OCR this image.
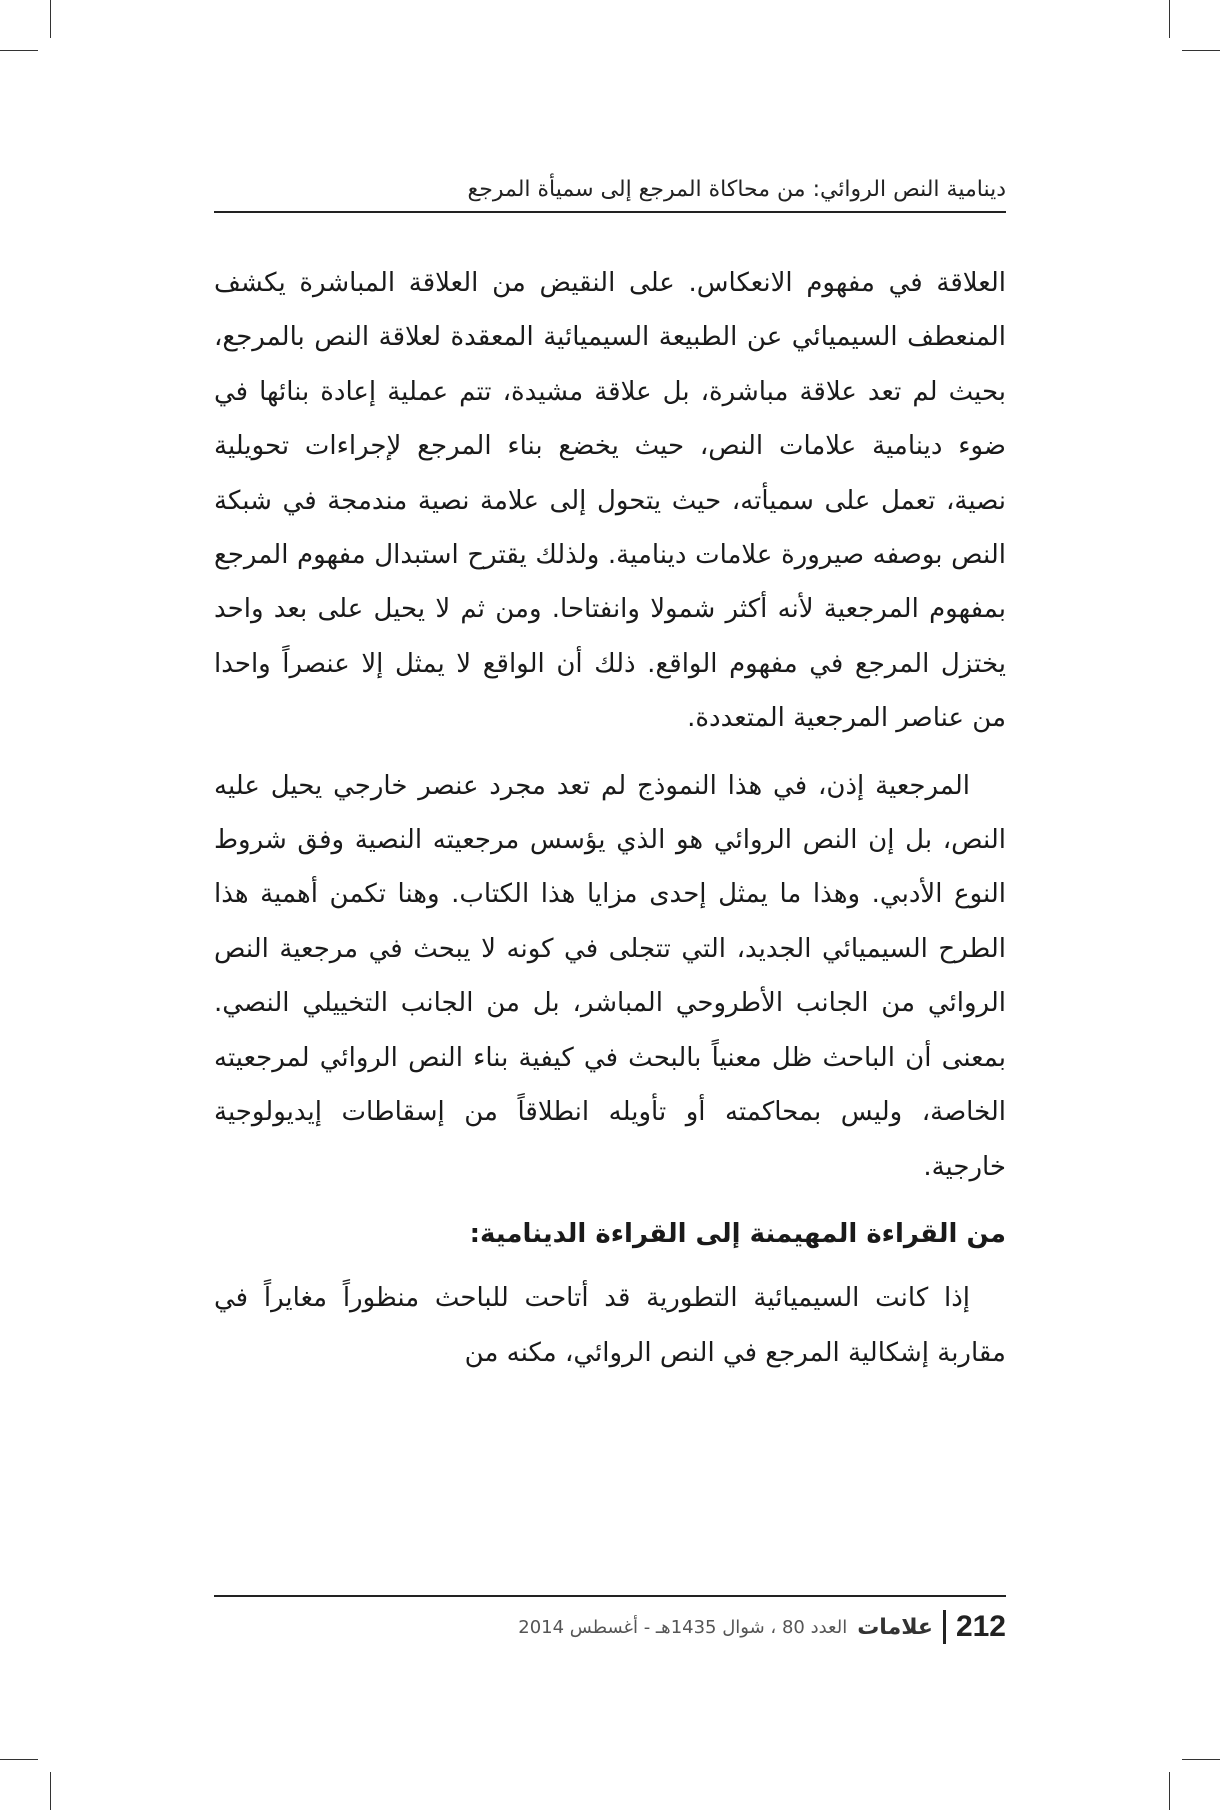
دينامية النص الروائي: من محاكاة المرجع إلى سميأة المرجع

العلاقة في مفهوم الانعكاس. على النقيض من العلاقة المباشرة يكشف المنعطف السيميائي عن الطبيعة السيميائية المعقدة لعلاقة النص بالمرجع، بحيث لم تعد علاقة مباشرة، بل علاقة مشيدة، تتم عملية إعادة بنائها في ضوء دينامية علامات النص، حيث يخضع بناء المرجع لإجراءات تحويلية نصية، تعمل على سميأته، حيث يتحول إلى علامة نصية مندمجة في شبكة النص بوصفه صيرورة علامات دينامية. ولذلك يقترح استبدال مفهوم المرجع بمفهوم المرجعية لأنه أكثر شمولا وانفتاحا. ومن ثم لا يحيل على بعد واحد يختزل المرجع في مفهوم الواقع. ذلك أن الواقع لا يمثل إلا عنصراً واحدا من عناصر المرجعية المتعددة.

المرجعية إذن، في هذا النموذج لم تعد مجرد عنصر خارجي يحيل عليه النص، بل إن النص الروائي هو الذي يؤسس مرجعيته النصية وفق شروط النوع الأدبي. وهذا ما يمثل إحدى مزايا هذا الكتاب. وهنا تكمن أهمية هذا الطرح السيميائي الجديد، التي تتجلى في كونه لا يبحث في مرجعية النص الروائي من الجانب الأطروحي المباشر، بل من الجانب التخييلي النصي. بمعنى أن الباحث ظل معنياً بالبحث في كيفية بناء النص الروائي لمرجعيته الخاصة، وليس بمحاكمته أو تأويله انطلاقاً من إسقاطات إيديولوجية خارجية.

من القراءة المهيمنة إلى القراءة الدينامية:

إذا كانت السيميائية التطورية قد أتاحت للباحث منظوراً مغايراً في مقاربة إشكالية المرجع في النص الروائي، مكنه من

212
علامات
العدد 80 ، شوال 1435هـ - أغسطس 2014
